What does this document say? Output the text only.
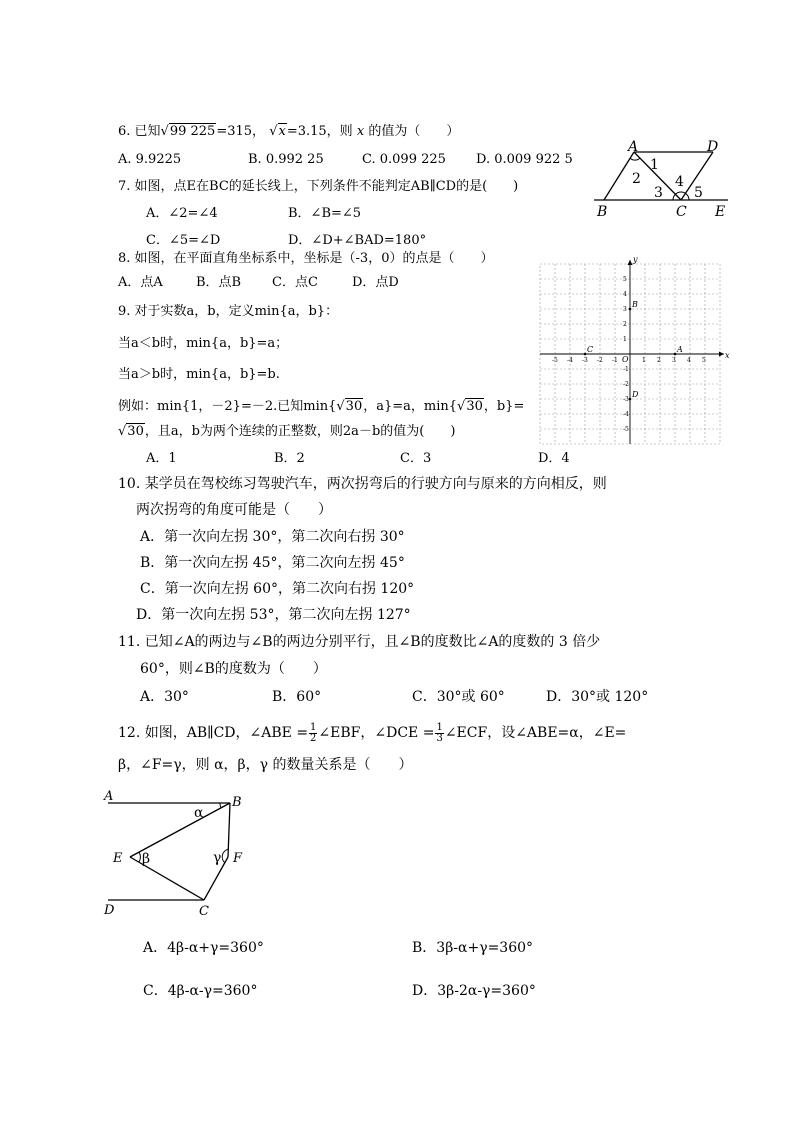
6. 已知√99 225=315， √x=3.15，则 x 的值为（　　）
A. 9.9225	B. 0.992 25	C. 0.099 225 D. 0.009 922 5
7. 如图，点E在BC的延长线上，下列条件不能判定AB∥CD的是(　　)
A．∠2=∠4	B．∠B=∠5
C．∠5=∠D	D．∠D+∠BAD=180°
A	D
1
2
3
4
5
B	C E
8. 如图，在平面直角坐标系中，坐标是（-3，0）的点是（　　）
A．点A	B．点B C．点C	D．点D
x
y
O
-5 -4 -3 -2 -1	1 2 3 4 5
5
4
3
2
1
-1
-2
-3
-4
-5
B
C	A
D
9. 对于实数a，b，定义min{a，b}：
当a＜b时，min{a，b}=a；
当a＞b时，min{a，b}=b.
例如：min{1，－2}=－2.已知min{√30，a}=a，min{√30，b}=
√30，且a，b为两个连续的正整数，则2a－b的值为(　　)
A．1	B．2	C．3	D．4
10. 某学员在驾校练习驾驶汽车，两次拐弯后的行驶方向与原来的方向相反，则
两次拐弯的角度可能是（　　）
A．第一次向左拐 30°，第二次向右拐 30°
B．第一次向左拐 45°，第二次向左拐 45°
C．第一次向左拐 60°，第二次向右拐 120°
D．第一次向左拐 53°，第二次向左拐 127°
11. 已知∠A的两边与∠B的两边分别平行，且∠B的度数比∠A的度数的 3 倍少
60°，则∠B的度数为（　　）
A．30°	B．60°	C．30°或 60°	D．30°或 120°
12. 如图，AB∥CD，∠ABE = $\frac{1}{2}$ ∠EBF，∠DCE = $\frac{1}{3}$ ∠ECF，设∠ABE=α，∠E=
β，∠F=γ，则 α，β，γ 的数量关系是（　　）
A	B
α
E β	γ F
D	C
A．4β-α+γ=360°	B．3β-α+γ=360°
C．4β-α-γ=360°	D．3β-2α-γ=360°
